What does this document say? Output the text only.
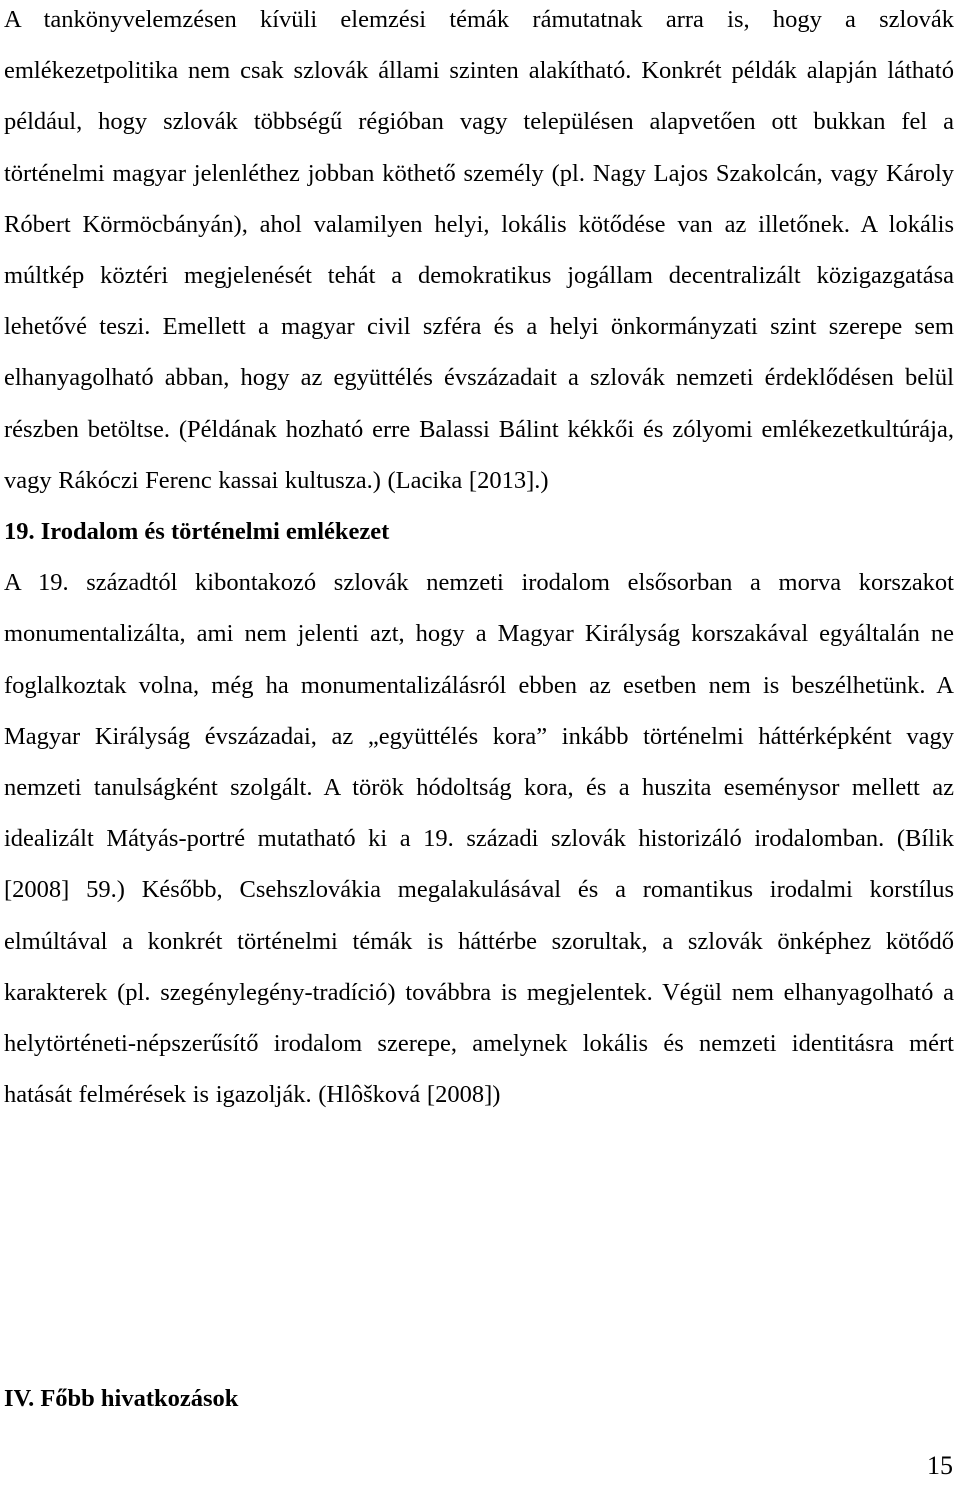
A tankönyvelemzésen kívüli elemzési témák rámutatnak arra is, hogy a szlovák emlékezetpolitika nem csak szlovák állami szinten alakítható. Konkrét példák alapján látható például, hogy szlovák többségű régióban vagy településen alapvetően ott bukkan fel a történelmi magyar jelenléthez jobban köthető személy (pl. Nagy Lajos Szakolcán, vagy Károly Róbert Körmöcbányán), ahol valamilyen helyi, lokális kötődése van az illetőnek. A lokális múltkép köztéri megjelenését tehát a demokratikus jogállam decentralizált közigazgatása lehetővé teszi. Emellett a magyar civil szféra és a helyi önkormányzati szint szerepe sem elhanyagolható abban, hogy az együttélés évszázadait a szlovák nemzeti érdeklődésen belül részben betöltse. (Példának hozható erre Balassi Bálint kékkői és zólyomi emlékezetkultúrája, vagy Rákóczi Ferenc kassai kultusza.) (Lacika [2013].)

19. Irodalom és történelmi emlékezet

A 19. századtól kibontakozó szlovák nemzeti irodalom elsősorban a morva korszakot monumentalizálta, ami nem jelenti azt, hogy a Magyar Királyság korszakával egyáltalán ne foglalkoztak volna, még ha monumentalizálásról ebben az esetben nem is beszélhetünk. A Magyar Királyság évszázadai, az „együttélés kora” inkább történelmi háttérképként vagy nemzeti tanulságként szolgált. A török hódoltság kora, és a huszita eseménysor mellett az idealizált Mátyás-portré mutatható ki a 19. századi szlovák historizáló irodalomban. (Bílik [2008] 59.) Később, Csehszlovákia megalakulásával és a romantikus irodalmi korstílus elmúltával a konkrét történelmi témák is háttérbe szorultak, a szlovák önképhez kötődő karakterek (pl. szegénylegény-tradíció) továbbra is megjelentek. Végül nem elhanyagolható a helytörténeti-népszerűsítő irodalom szerepe, amelynek lokális és nemzeti identitásra mért hatását felmérések is igazolják. (Hlôšková [2008])

IV. Főbb hivatkozások
15
